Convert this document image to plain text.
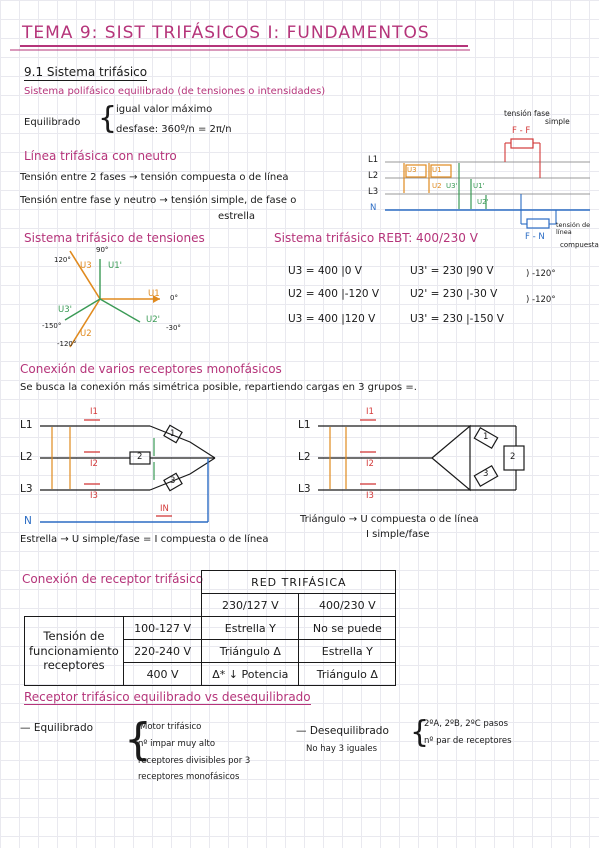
TEMA 9: SIST TRIFÁSICOS I: FUNDAMENTOS
9.1 Sistema trifásico
Sistema polifásico equilibrado (de tensiones o intensidades)
Equilibrado {
igual valor máximo
desfase: 360º/n = 2π/n
Línea trifásica con neutro
Tensión entre 2 fases → tensión compuesta o de línea
Tensión entre fase y neutro → tensión simple, de fase o
estrella
L1
L2
L3
N
U3 U1
U2 U3' U1'
U2'
tensión fase
simple
F - F
F - N
tensión de línea
compuesta
Sistema trifásico de tensiones
90°
120°
0°
-30°
-150°
-120°
U3 U1'
U1
U3'
U2
U2'
Sistema trifásico REBT: 400/230 V
U3 = 400 |0 V
U2 = 400 |-120 V
U3 = 400 |120 V
U3' = 230 |90 V
U2' = 230 |-30 V
U3' = 230 |-150 V
) -120°
) -120°
Conexión de varios receptores monofásicos
Se busca la conexión más simétrica posible, repartiendo cargas en 3 grupos =.
L1
L2
L3
N
1
2
3
I1
I2
I3
IN
Estrella → U simple/fase = I compuesta o de línea
L1
L2
L3
1
2
3
I1
I2
I3
Triángulo → U compuesta o de línea
I simple/fase
Conexión de receptor trifásico
			RED TRIFÁSICA	
		230/127 V	400/230 V

Tensión de
funcionamiento
receptores	100-127 V	Estrella Y	No se puede
	220-240 V	Triángulo Δ	Estrella Y
	400 V	Δ* ↓ Potencia	Triángulo Δ
Receptor trifásico equilibrado vs desequilibrado
— Equilibrado {
Motor trifásico
nº impar muy alto
receptores divisibles por 3
receptores monofásicos
— Desequilibrado
No hay 3 iguales {
2ºA, 2ºB, 2ºC pasos
nº par de receptores
